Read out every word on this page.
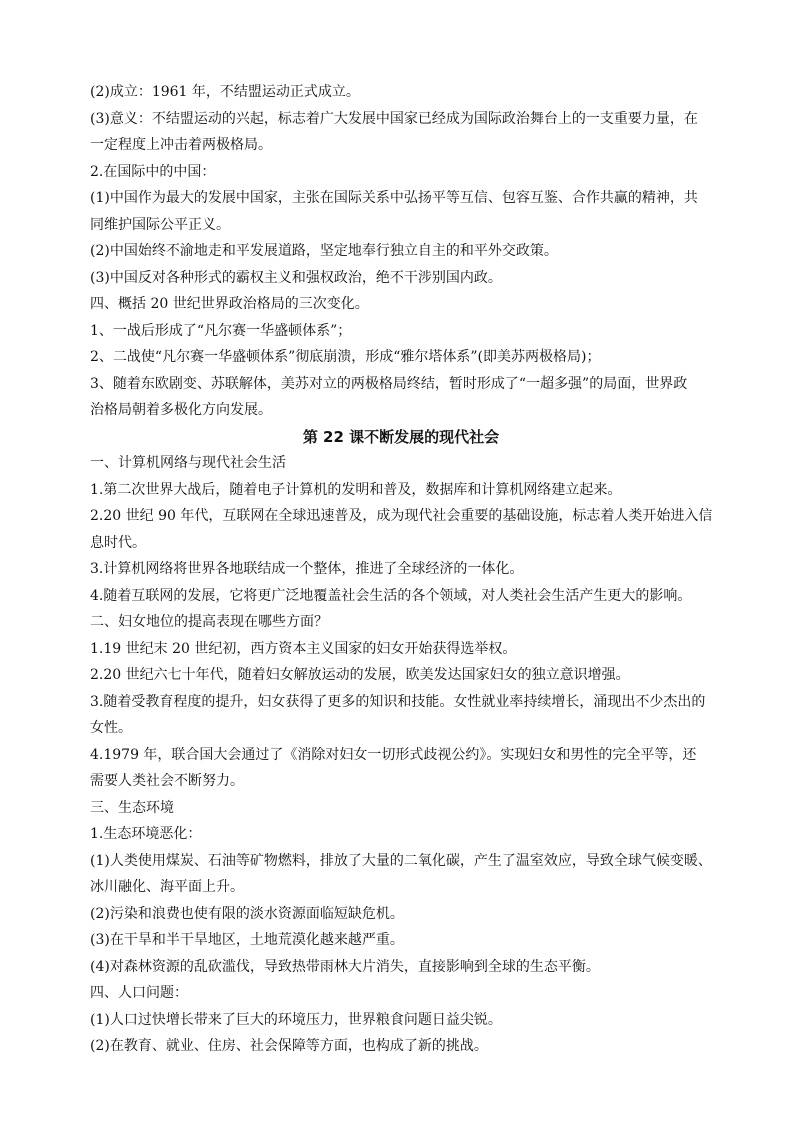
(2)成立：1961 年，不结盟运动正式成立。
(3)意义：不结盟运动的兴起，标志着广大发展中国家已经成为国际政治舞台上的一支重要力量，在
一定程度上冲击着两极格局。
2.在国际中的中国：
(1)中国作为最大的发展中国家，主张在国际关系中弘扬平等互信、包容互鉴、合作共赢的精神，共
同维护国际公平正义。
(2)中国始终不渝地走和平发展道路，坚定地奉行独立自主的和平外交政策。
(3)中国反对各种形式的霸权主义和强权政治，绝不干涉别国内政。
四、概括 20 世纪世界政治格局的三次变化。
1、一战后形成了“凡尔赛一华盛顿体系”；
2、二战使“凡尔赛一华盛顿体系”彻底崩溃，形成“雅尔塔体系”(即美苏两极格局)；
3、随着东欧剧变、苏联解体，美苏对立的两极格局终结，暂时形成了“一超多强”的局面，世界政
治格局朝着多极化方向发展。
第 22 课不断发展的现代社会
一、计算机网络与现代社会生活
1.第二次世界大战后，随着电子计算机的发明和普及，数据库和计算机网络建立起来。
2.20 世纪 90 年代，互联网在全球迅速普及，成为现代社会重要的基础设施，标志着人类开始进入信
息时代。
3.计算机网络将世界各地联结成一个整体，推进了全球经济的一体化。
4.随着互联网的发展，它将更广泛地覆盖社会生活的各个领域，对人类社会生活产生更大的影响。
二、妇女地位的提高表现在哪些方面？
1.19 世纪末 20 世纪初，西方资本主义国家的妇女开始获得选举权。
2.20 世纪六七十年代，随着妇女解放运动的发展，欧美发达国家妇女的独立意识增强。
3.随着受教育程度的提升，妇女获得了更多的知识和技能。女性就业率持续增长，涌现出不少杰出的
女性。
4.1979 年，联合国大会通过了《消除对妇女一切形式歧视公约》。实现妇女和男性的完全平等，还
需要人类社会不断努力。
三、生态环境
1.生态环境恶化：
(1)人类使用煤炭、石油等矿物燃料，排放了大量的二氧化碳，产生了温室效应，导致全球气候变暖、
冰川融化、海平面上升。
(2)污染和浪费也使有限的淡水资源面临短缺危机。
(3)在干旱和半干旱地区，土地荒漠化越来越严重。
(4)对森林资源的乱砍滥伐，导致热带雨林大片消失，直接影响到全球的生态平衡。
四、人口问题：
(1)人口过快增长带来了巨大的环境压力，世界粮食问题日益尖锐。
(2)在教育、就业、住房、社会保障等方面，也构成了新的挑战。
